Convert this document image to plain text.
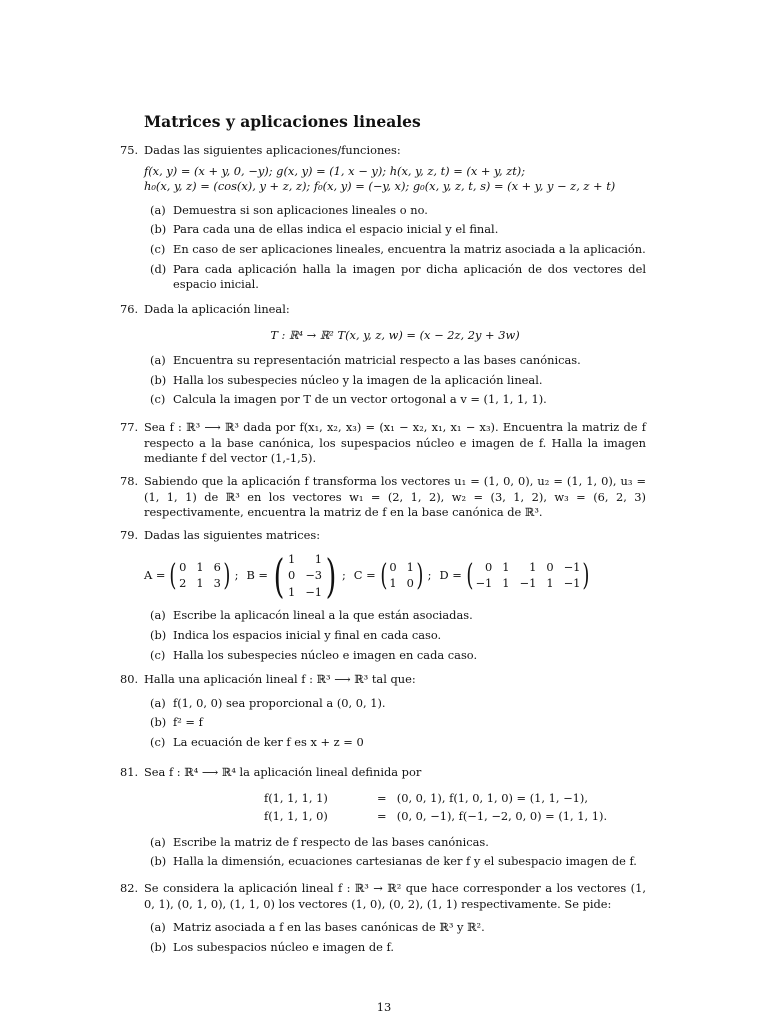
Matrices y aplicaciones lineales
75. Dadas las siguientes aplicaciones/funciones:
f(x, y) = (x + y, 0, −y); g(x, y) = (1, x − y); h(x, y, z, t) = (x + y, zt);
h₀(x, y, z) = (cos(x), y + z, z); f₀(x, y) = (−y, x); g₀(x, y, z, t, s) = (x + y, y − z, z + t)
(a) Demuestra si son aplicaciones lineales o no.
(b) Para cada una de ellas indica el espacio inicial y el final.
(c) En caso de ser aplicaciones lineales, encuentra la matriz asociada a la aplicación.
(d) Para cada aplicación halla la imagen por dicha aplicación de dos vectores del espacio inicial.
76. Dada la aplicación lineal:
T : ℝ⁴ → ℝ² T(x, y, z, w) = (x − 2z, 2y + 3w)
(a) Encuentra su representación matricial respecto a las bases canónicas.
(b) Halla los subespecies núcleo y la imagen de la aplicación lineal.
(c) Calcula la imagen por T de un vector ortogonal a v = (1, 1, 1, 1).
77. Sea f : ℝ³ ⟶ ℝ³ dada por f(x₁, x₂, x₃) = (x₁ − x₂, x₁, x₁ − x₃). Encuentra la matriz de f respecto a la base canónica, los supespacios núcleo e imagen de f. Halla la imagen mediante f del vector (1,-1,5).
78. Sabiendo que la aplicación f transforma los vectores u₁ = (1, 0, 0), u₂ = (1, 1, 0), u₃ = (1, 1, 1) de ℝ³ en los vectores w₁ = (2, 1, 2), w₂ = (3, 1, 2), w₃ = (6, 2, 3) respectivamente, encuentra la matriz de f en la base canónica de ℝ³.
79. Dadas las siguientes matrices:
A = ( 0 1 6
2 1 3 ) ; B = ( 1	1
0 −3
1 −1 ) ; C = ( 0 1
1 0 ) ; D = (	0 1	1 0 −1
−1 1 −1 1 −1 )
(a) Escribe la aplicacón lineal a la que están asociadas.
(b) Indica los espacios inicial y final en cada caso.
(c) Halla los subespecies núcleo e imagen en cada caso.
80. Halla una aplicación lineal f : ℝ³ ⟶ ℝ³ tal que:
(a) f(1, 0, 0) sea proporcional a (0, 0, 1).
(b) f² = f
(c) La ecuación de ker f es x + z = 0
81. Sea f : ℝ⁴ ⟶ ℝ⁴ la aplicación lineal definida por
f(1, 1, 1, 1)	= (0, 0, 1), f(1, 0, 1, 0) = (1, 1, −1),
f(1, 1, 1, 0)	= (0, 0, −1), f(−1, −2, 0, 0) = (1, 1, 1).
(a) Escribe la matriz de f respecto de las bases canónicas.
(b) Halla la dimensión, ecuaciones cartesianas de ker f y el subespacio imagen de f.
82. Se considera la aplicación lineal f : ℝ³ → ℝ² que hace corresponder a los vectores (1, 0, 1), (0, 1, 0), (1, 1, 0) los vectores (1, 0), (0, 2), (1, 1) respectivamente. Se pide:
(a) Matriz asociada a f en las bases canónicas de ℝ³ y ℝ².
(b) Los subespacios núcleo e imagen de f.
13
